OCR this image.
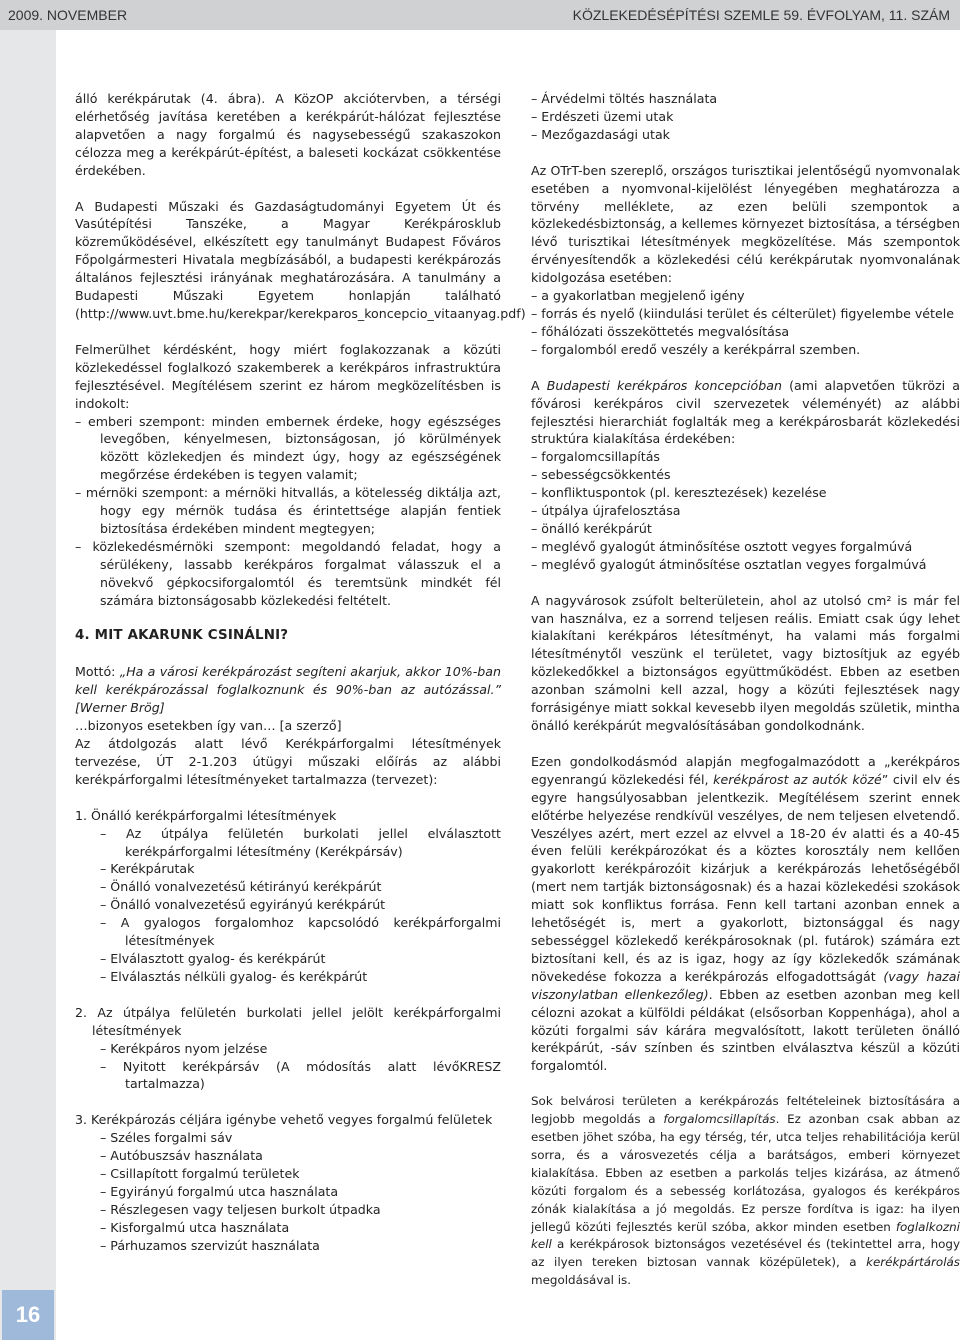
2009. NOVEMBER	KÖZLEKEDÉSÉPÍTÉSI SZEMLE 59. ÉVFOLYAM, 11. SZÁM
16

álló kerékpárutak (4. ábra). A KözOP akciótervben, a térségi elérhetőség javítása keretében a kerékpárút-hálózat fejlesztése alapvetően a nagy forgalmú és nagysebességű szakaszokon célozza meg a kerékpárút-építést, a baleseti kockázat csökkentése érdekében.

A Budapesti Műszaki és Gazdaságtudományi Egyetem Út és Vasútépítési Tanszéke, a Magyar Kerékpárosklub közreműködésével, elkészített egy tanulmányt Budapest Főváros Főpolgármesteri Hivatala megbízásából, a budapesti kerékpározás általános fejlesztési irányának meghatározására. A tanulmány a Budapesti Műszaki Egyetem honlapján található (http://www.uvt.bme.hu/kerekpar/kerekparos_koncepcio_vitaanyag.pdf)

Felmerülhet kérdésként, hogy miért foglakozzanak a közúti közlekedéssel foglalkozó szakemberek a kerékpáros infrastruktúra fejlesztésével. Megítélésem szerint ez három megközelítésben is indokolt:

– emberi szempont: minden embernek érdeke, hogy egészséges levegőben, kényelmesen, biztonságosan, jó körülmények között közlekedjen és mindezt úgy, hogy az egészségének megőrzése érdekében is tegyen valamit;
– mérnöki szempont: a mérnöki hitvallás, a kötelesség diktálja azt, hogy egy mérnök tudása és érintettsége alapján fentiek biztosítása érdekében mindent megtegyen;
– közlekedésmérnöki szempont: megoldandó feladat, hogy a sérülékeny, lassabb kerékpáros forgalmat válasszuk el a növekvő gépkocsiforgalomtól és teremtsünk mindkét fél számára biztonságosabb közlekedési feltételt.
4. MIT AKARUNK CSINÁLNI?

Mottó: „Ha a városi kerékpározást segíteni akarjuk, akkor 10%-ban kell kerékpározással foglalkoznunk és 90%-ban az autózással.” [Werner Brög]

…bizonyos esetekben így van… [a szerző]

Az átdolgozás alatt lévő Kerékpárforgalmi létesítmények tervezése, ÚT 2-1.203 útügyi műszaki előírás az alábbi kerékpárforgalmi létesítményeket tartalmazza (tervezet):

1. Önálló kerékpárforgalmi létesítmények
– Az útpálya felületén burkolati jellel elválasztott kerékpárforgalmi létesítmény (Kerékpársáv)
– Kerékpárutak
– Önálló vonalvezetésű kétirányú kerékpárút
– Önálló vonalvezetésű egyirányú kerékpárút
– A gyalogos forgalomhoz kapcsolódó kerékpárforgalmi létesítmények
– Elválasztott gyalog- és kerékpárút
– Elválasztás nélküli gyalog- és kerékpárút
2. Az útpálya felületén burkolati jellel jelölt kerékpárforgalmi létesítmények
– Kerékpáros nyom jelzése
– Nyitott kerékpársáv (A módosítás alatt lévőKRESZ tartalmazza)
3. Kerékpározás céljára igénybe vehető vegyes forgalmú felületek
– Széles forgalmi sáv
– Autóbuszsáv használata
– Csillapított forgalmú területek
– Egyirányú forgalmú utca használata
– Részlegesen vagy teljesen burkolt útpadka
– Kisforgalmú utca használata
– Párhuzamos szervizút használata
– Árvédelmi töltés használata
– Erdészeti üzemi utak
– Mezőgazdasági utak

Az OTrT-ben szereplő, országos turisztikai jelentőségű nyomvonalak esetében a nyomvonal-kijelölést lényegében meghatározza a törvény melléklete, az ezen belüli szempontok a közlekedésbiztonság, a kellemes környezet biztosítása, a térségben lévő turisztikai létesítmények megközelítése. Más szempontok érvényesítendők a közlekedési célú kerékpárutak nyomvonalának kidolgozása esetében:

– a gyakorlatban megjelenő igény
– forrás és nyelő (kiindulási terület és célterület) figyelembe vétele
– főhálózati összeköttetés megvalósítása
– forgalomból eredő veszély a kerékpárral szemben.

A Budapesti kerékpáros koncepcióban (ami alapvetően tükrözi a fővárosi kerékpáros civil szervezetek véleményét) az alábbi fejlesztési hierarchiát foglalták meg a kerékpárosbarát közlekedési struktúra kialakítása érdekében:

– forgalomcsillapítás
– sebességcsökkentés
– konfliktuspontok (pl. keresztezések) kezelése
– útpálya újrafelosztása
– önálló kerékpárút
– meglévő gyalogút átminősítése osztott vegyes forgalmúvá
– meglévő gyalogút átminősítése osztatlan vegyes forgalmúvá

A nagyvárosok zsúfolt belterületein, ahol az utolsó cm² is már fel van használva, ez a sorrend teljesen reális. Emiatt csak úgy lehet kialakítani kerékpáros létesítményt, ha valami más forgalmi létesítménytől veszünk el területet, vagy biztosítjuk az egyéb közlekedőkkel a biztonságos együttműködést. Ebben az esetben azonban számolni kell azzal, hogy a közúti fejlesztések nagy forrásigénye miatt sokkal kevesebb ilyen megoldás születik, mintha önálló kerékpárút megvalósításában gondolkodnánk.

Ezen gondolkodásmód alapján megfogalmazódott a „kerékpáros egyenrangú közlekedési fél, kerékpárost az autók közé” civil elv és egyre hangsúlyosabban jelentkezik. Megítélésem szerint ennek előtérbe helyezése rendkívül veszélyes, de nem teljesen elvetendő. Veszélyes azért, mert ezzel az elvvel a 18-20 év alatti és a 40-45 éven felüli kerékpározókat és a köztes korosztály nem kellően gyakorlott kerékpározóit kizárjuk a kerékpározás lehetőségéből (mert nem tartják biztonságosnak) és a hazai közlekedési szokások miatt sok konfliktus forrása. Fenn kell tartani azonban ennek a lehetőségét is, mert a gyakorlott, biztonsággal és nagy sebességgel közlekedő kerékpárosoknak (pl. futárok) számára ezt biztosítani kell, és az is igaz, hogy az így közlekedők számának növekedése fokozza a kerékpározás elfogadottságát (vagy hazai viszonylatban ellenkezőleg). Ebben az esetben azonban meg kell célozni azokat a külföldi példákat (elsősorban Koppenhága), ahol a közúti forgalmi sáv kárára megvalósított, lakott területen önálló kerékpárút, -sáv színben és szintben elválasztva készül a közúti forgalomtól.

Sok belvárosi területen a kerékpározás feltételeinek biztosítására a legjobb megoldás a forgalomcsillapítás. Ez azonban csak abban az esetben jöhet szóba, ha egy térség, tér, utca teljes rehabilitációja kerül sorra, és a városvezetés célja a barátságos, emberi környezet kialakítása. Ebben az esetben a parkolás teljes kizárása, az átmenő közúti forgalom és a sebesség korlátozása, gyalogos és kerékpáros zónák kialakítása a jó megoldás. Ez persze fordítva is igaz: ha ilyen jellegű közúti fejlesztés kerül szóba, akkor minden esetben foglalkozni kell a kerékpárosok biztonságos vezetésével és (tekintettel arra, hogy az ilyen tereken biztosan vannak középületek), a kerékpártárolás megoldásával is.
